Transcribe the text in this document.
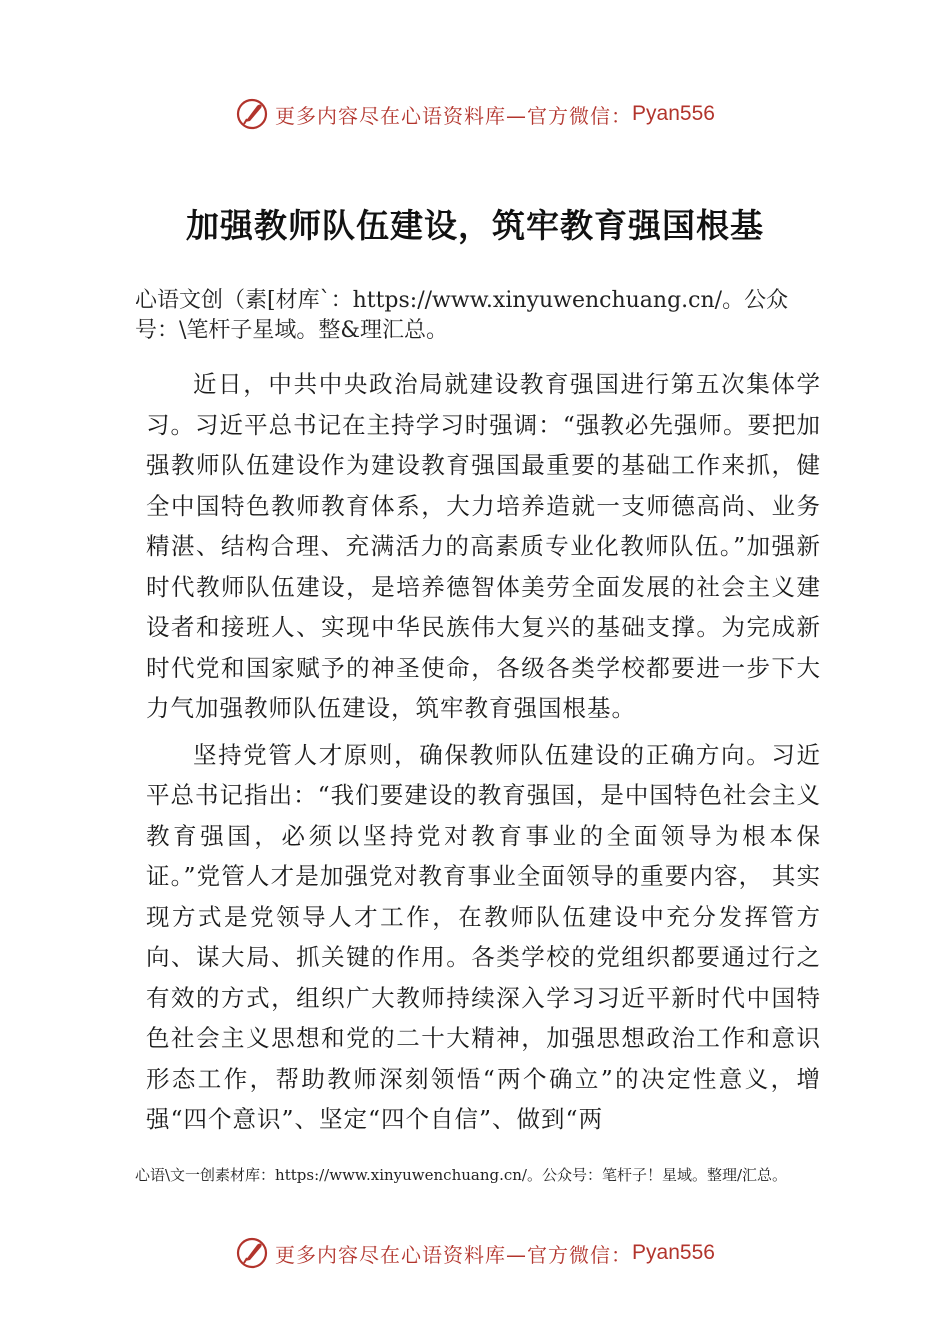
更多内容尽在心语资料库—官方微信： Pyan556
加强教师队伍建设，筑牢教育强国根基
心语文创（素[材库`：https://www.xinyuwenchuang.cn/。公众号：\笔杆子星域。整&理汇总。

近日，中共中央政治局就建设教育强国进行第五次集体学习。习近平总书记在主持学习时强调：“强教必先强师。要把加强教师队伍建设作为建设教育强国最重要的基础工作来抓，健全中国特色教师教育体系，大力培养造就一支师德高尚、业务精湛、结构合理、充满活力的高素质专业化教师队伍。”加强新时代教师队伍建设，是培养德智体美劳全面发展的社会主义建设者和接班人、实现中华民族伟大复兴的基础支撑。为完成新时代党和国家赋予的神圣使命，各级各类学校都要进一步下大力气加强教师队伍建设，筑牢教育强国根基。

坚持党管人才原则，确保教师队伍建设的正确方向。习近平总书记指出：“我们要建设的教育强国，是中国特色社会主义教育强国，必须以坚持党对教育事业的全面领导为根本保证。”党管人才是加强党对教育事业全面领导的重要内容， 其实现方式是党领导人才工作，在教师队伍建设中充分发挥管方向、谋大局、抓关键的作用。各类学校的党组织都要通过行之有效的方式，组织广大教师持续深入学习习近平新时代中国特色社会主义思想和党的二十大精神，加强思想政治工作和意识形态工作，帮助教师深刻领悟“两个确立”的决定性意义，增强“四个意识”、坚定“四个自信”、做到“两

心语\文一创素材库：https://www.xinyuwenchuang.cn/。公众号：笔杆子！星域。整理/汇总。
更多内容尽在心语资料库—官方微信： Pyan556
